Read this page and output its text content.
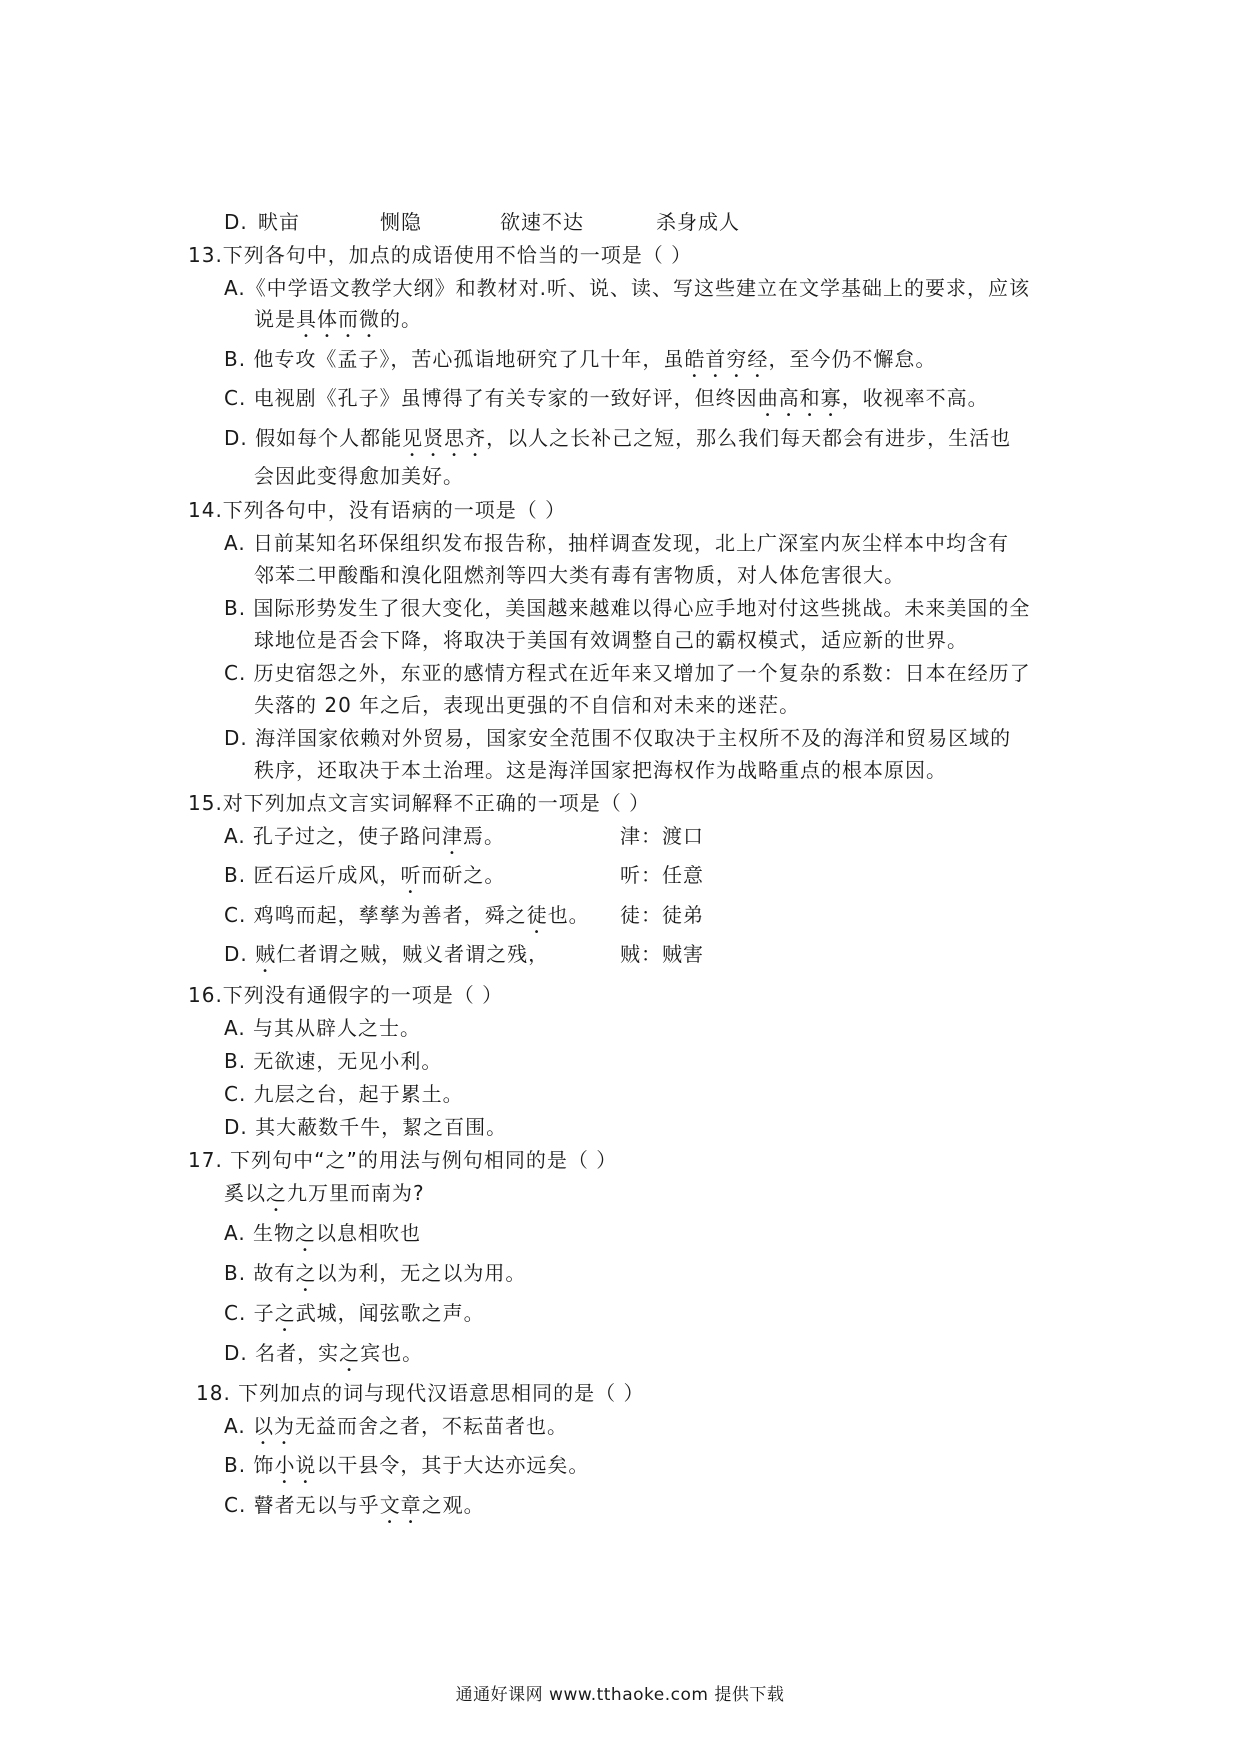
D. 畎亩	恻隐	欲速不达	杀身成人
13.下列各句中，加点的成语使用不恰当的一项是（ ）
A.《中学语文教学大纲》和教材对.听、说、读、写这些建立在文学基础上的要求，应该
说是具体而微的。
B. 他专攻《孟子》，苦心孤诣地研究了几十年，虽皓首穷经，至今仍不懈怠。
C. 电视剧《孔子》虽博得了有关专家的一致好评，但终因曲高和寡，收视率不高。
D. 假如每个人都能见贤思齐，以人之长补己之短，那么我们每天都会有进步，生活也
会因此变得愈加美好。
14.下列各句中，没有语病的一项是（ ）
A. 日前某知名环保组织发布报告称，抽样调查发现，北上广深室内灰尘样本中均含有
邻苯二甲酸酯和溴化阻燃剂等四大类有毒有害物质，对人体危害很大。
B. 国际形势发生了很大变化，美国越来越难以得心应手地对付这些挑战。未来美国的全
球地位是否会下降，将取决于美国有效调整自己的霸权模式，适应新的世界。
C. 历史宿怨之外，东亚的感情方程式在近年来又增加了一个复杂的系数：日本在经历了
失落的 20 年之后，表现出更强的不自信和对未来的迷茫。
D. 海洋国家依赖对外贸易，国家安全范围不仅取决于主权所不及的海洋和贸易区域的
秩序，还取决于本土治理。这是海洋国家把海权作为战略重点的根本原因。
15.对下列加点文言实词解释不正确的一项是（ ）
A. 孔子过之，使子路问津焉。	津：渡口
B. 匠石运斤成风，听而斫之。	听：任意
C. 鸡鸣而起，孳孳为善者，舜之徒也。 徒：徒弟
D. 贼仁者谓之贼，贼义者谓之残，	贼：贼害
16.下列没有通假字的一项是（ ）
A. 与其从辟人之士。
B. 无欲速，无见小利。
C. 九层之台，起于累土。
D. 其大蔽数千牛，絜之百围。
17. 下列句中“之”的用法与例句相同的是（ ）
奚以之九万里而南为?
A. 生物之以息相吹也
B. 故有之以为利，无之以为用。
C. 子之武城，闻弦歌之声。
D. 名者，实之宾也。
18. 下列加点的词与现代汉语意思相同的是（ ）
A. 以为无益而舍之者，不耘苗者也。
B. 饰小说以干县令，其于大达亦远矣。
C. 瞽者无以与乎文章之观。
通通好课网 www.tthaoke.com 提供下载
